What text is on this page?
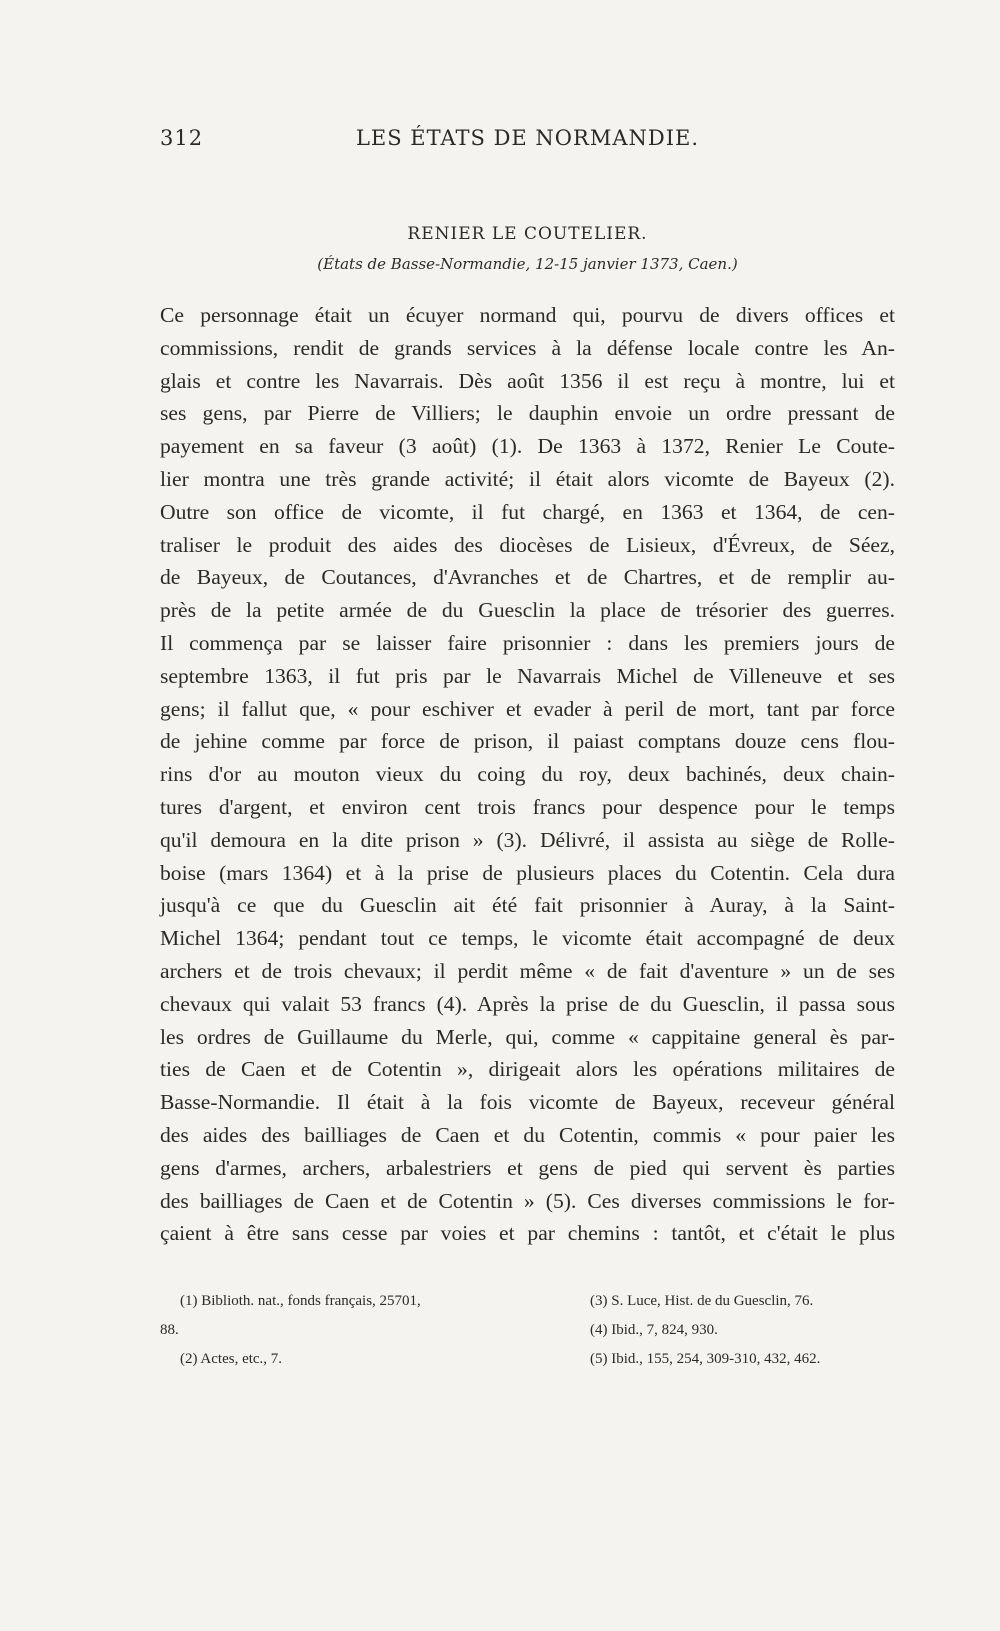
312	LES ÉTATS DE NORMANDIE.
RENIER LE COUTELIER.
(États de Basse-Normandie, 12-15 janvier 1373, Caen.)
Ce personnage était un écuyer normand qui, pourvu de divers offices et
commissions, rendit de grands services à la défense locale contre les An-
glais et contre les Navarrais. Dès août 1356 il est reçu à montre, lui et
ses gens, par Pierre de Villiers; le dauphin envoie un ordre pressant de
payement en sa faveur (3 août) (1). De 1363 à 1372, Renier Le Coute-
lier montra une très grande activité; il était alors vicomte de Bayeux (2).
Outre son office de vicomte, il fut chargé, en 1363 et 1364, de cen-
traliser le produit des aides des diocèses de Lisieux, d'Évreux, de Séez,
de Bayeux, de Coutances, d'Avranches et de Chartres, et de remplir au-
près de la petite armée de du Guesclin la place de trésorier des guerres.
Il commença par se laisser faire prisonnier : dans les premiers jours de
septembre 1363, il fut pris par le Navarrais Michel de Villeneuve et ses
gens; il fallut que, « pour eschiver et evader à peril de mort, tant par force
de jehine comme par force de prison, il paiast comptans douze cens flou-
rins d'or au mouton vieux du coing du roy, deux bachinés, deux chain-
tures d'argent, et environ cent trois francs pour despence pour le temps
qu'il demoura en la dite prison » (3). Délivré, il assista au siège de Rolle-
boise (mars 1364) et à la prise de plusieurs places du Cotentin. Cela dura
jusqu'à ce que du Guesclin ait été fait prisonnier à Auray, à la Saint-
Michel 1364; pendant tout ce temps, le vicomte était accompagné de deux
archers et de trois chevaux; il perdit même « de fait d'aventure » un de ses
chevaux qui valait 53 francs (4). Après la prise de du Guesclin, il passa sous
les ordres de Guillaume du Merle, qui, comme « cappitaine general ès par-
ties de Caen et de Cotentin », dirigeait alors les opérations militaires de
Basse-Normandie. Il était à la fois vicomte de Bayeux, receveur général
des aides des bailliages de Caen et du Cotentin, commis « pour paier les
gens d'armes, archers, arbalestriers et gens de pied qui servent ès parties
des bailliages de Caen et de Cotentin » (5). Ces diverses commissions le for-
çaient à être sans cesse par voies et par chemins : tantôt, et c'était le plus
(1) Biblioth. nat., fonds français, 25701,
88.
(2) Actes, etc., 7.
(3) S. Luce, Hist. de du Guesclin, 76.
(4) Ibid., 7, 824, 930.
(5) Ibid., 155, 254, 309-310, 432, 462.
